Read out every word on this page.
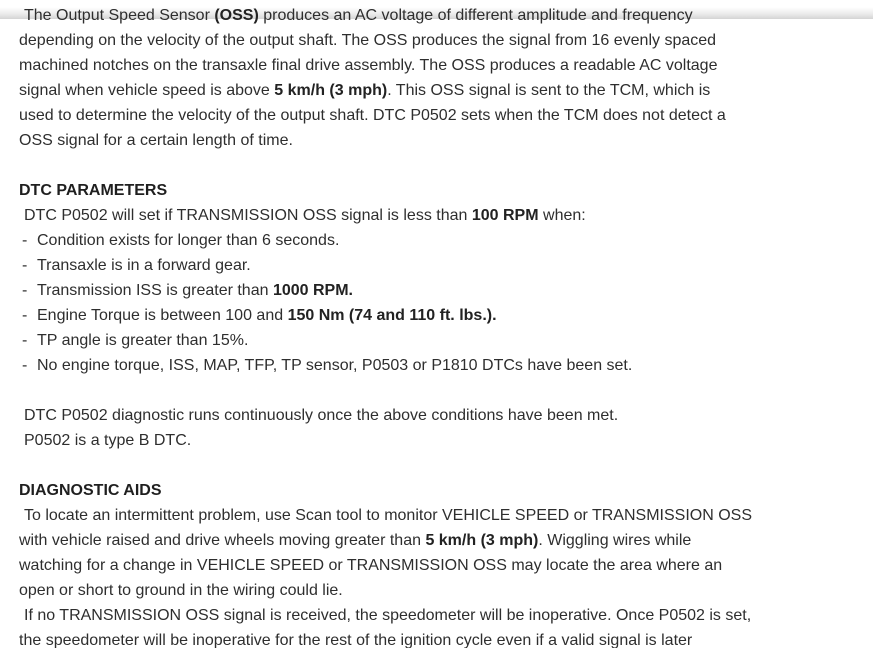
The Output Speed Sensor (OSS) produces an AC voltage of different amplitude and frequency

depending on the velocity of the output shaft. The OSS produces the signal from 16 evenly spaced

machined notches on the transaxle final drive assembly. The OSS produces a readable AC voltage

signal when vehicle speed is above 5 km/h (3 mph). This OSS signal is sent to the TCM, which is

used to determine the velocity of the output shaft. DTC P0502 sets when the TCM does not detect a

OSS signal for a certain length of time.

DTC PARAMETERS

DTC P0502 will set if TRANSMISSION OSS signal is less than 100 RPM when:

- Condition exists for longer than 6 seconds.

- Transaxle is in a forward gear.

- Transmission ISS is greater than 1000 RPM.

- Engine Torque is between 100 and 150 Nm (74 and 110 ft. lbs.).

- TP angle is greater than 15%.

- No engine torque, ISS, MAP, TFP, TP sensor, P0503 or P1810 DTCs have been set.

DTC P0502 diagnostic runs continuously once the above conditions have been met.

P0502 is a type B DTC.

DIAGNOSTIC AIDS

To locate an intermittent problem, use Scan tool to monitor VEHICLE SPEED or TRANSMISSION OSS

with vehicle raised and drive wheels moving greater than 5 km/h (3 mph). Wiggling wires while

watching for a change in VEHICLE SPEED or TRANSMISSION OSS may locate the area where an

open or short to ground in the wiring could lie.

If no TRANSMISSION OSS signal is received, the speedometer will be inoperative. Once P0502 is set,

the speedometer will be inoperative for the rest of the ignition cycle even if a valid signal is later
